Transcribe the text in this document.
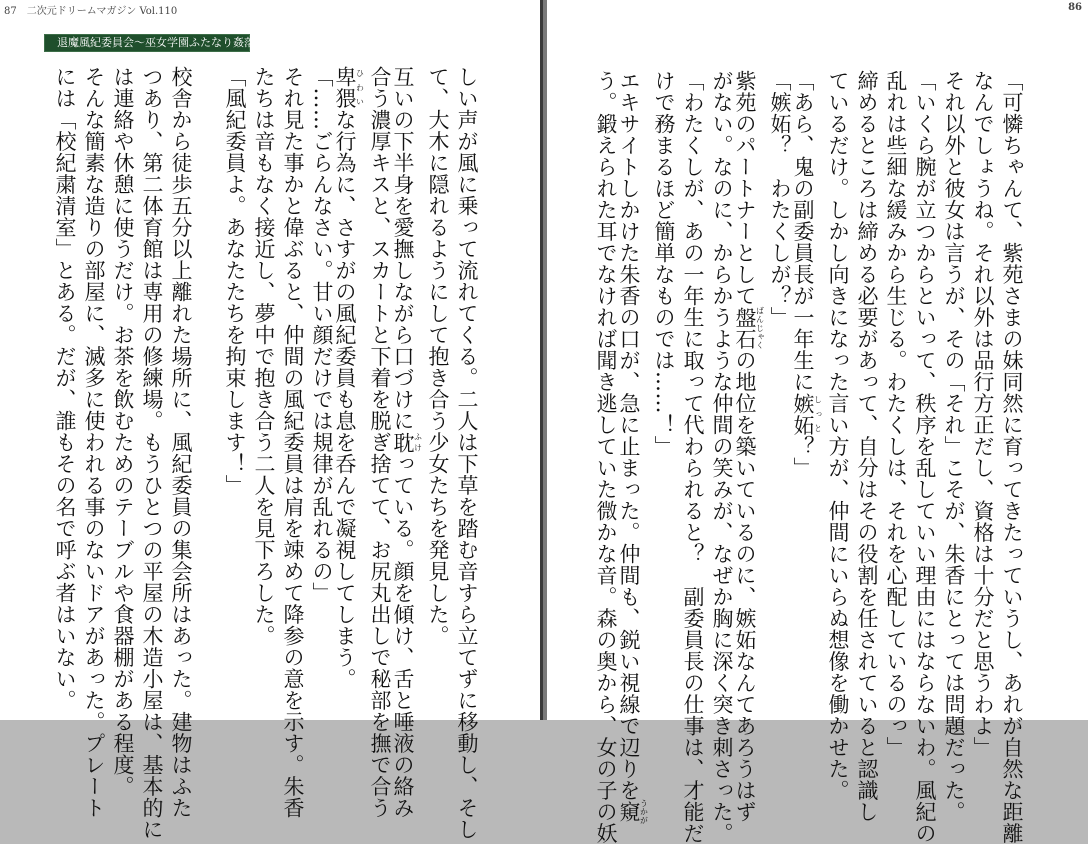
87　二次元ドリームマガジン Vol.110
退魔風紀委員会〜巫女学園ふたなり姦落〜
しい声が風に乗って流れてくる。二人は下草を踏む音すら立てずに移動し、そし
て、大木に隠れるようにして抱き合う少女たちを発見した。
互いの下半身を愛撫しながら口づけに耽ふけっている。顔を傾け、舌と唾液の絡み
合う濃厚キスと、スカートと下着を脱ぎ捨てて、お尻丸出しで秘部を撫で合う
卑猥ひわいな行為に、さすがの風紀委員も息を呑んで凝視してしまう。
「……ごらんなさい。甘い顔だけでは規律が乱れるの」
それ見た事かと偉ぶると、仲間の風紀委員は肩を竦めて降参の意を示す。朱香
たちは音もなく接近し、夢中で抱き合う二人を見下ろした。
「風紀委員よ。あなたたちを拘束します！」
校舎から徒歩五分以上離れた場所に、風紀委員の集会所はあった。建物はふた
つあり、第二体育館は専用の修練場。もうひとつの平屋の木造小屋は、基本的に
は連絡や休憩に使うだけ。お茶を飲むためのテーブルや食器棚がある程度。
そんな簡素な造りの部屋に、滅多に使われる事のないドアがあった。プレート
には「校紀粛清室」とある。だが、誰もその名で呼ぶ者はいない。
86
「可憐ちゃんて、紫苑さまの妹同然に育ってきたっていうし、あれが自然な距離
なんでしょうね。それ以外は品行方正だし、資格は十分だと思うわよ」
それ以外と彼女は言うが、その「それ」こそが、朱香にとっては問題だった。
「いくら腕が立つからといって、秩序を乱していい理由にはならないわ。風紀の
乱れは些細な緩みから生じる。わたくしは、それを心配しているのっ」
締めるところは締める必要があって、自分はその役割を任されていると認識し
ているだけ。しかし向きになった言い方が、仲間にいらぬ想像を働かせた。
「あら、鬼の副委員長が一年生に嫉妬しっと？」
「嫉妬？　わたくしが？」
紫苑のパートナーとして盤石ばんじゃくの地位を築いているのに、嫉妬なんてあろうはず
がない。なのに、からかうような仲間の笑みが、なぜか胸に深く突き刺さった。
「わたくしが、あの一年生に取って代わられると？　副委員長の仕事は、才能だ
けで務まるほど簡単なものでは……！」
エキサイトしかけた朱香の口が、急に止まった。仲間も、鋭い視線で辺りを窺うかが
う。鍛えられた耳でなければ聞き逃していた微かな音。森の奥から、女の子の妖
